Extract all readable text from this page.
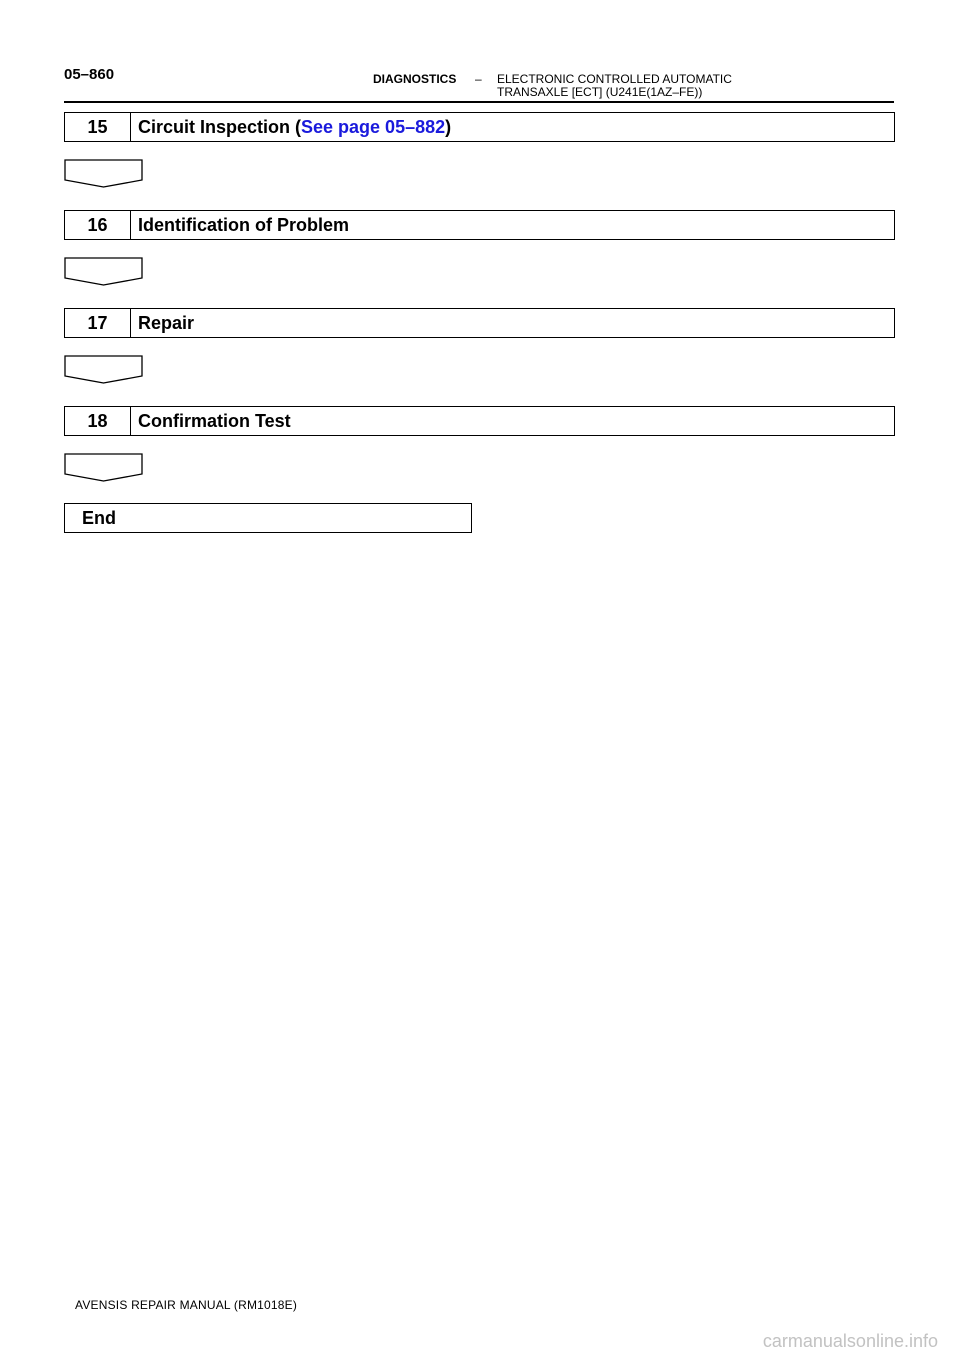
05–860	DIAGNOSTICS – ELECTRONIC CONTROLLED AUTOMATIC
TRANSAXLE [ECT] (U241E(1AZ–FE))
15	Circuit Inspection (See page 05–882)
16	Identification of Problem
17	Repair
18	Confirmation Test
End
AVENSIS REPAIR MANUAL (RM1018E)
carmanualsonline.info
